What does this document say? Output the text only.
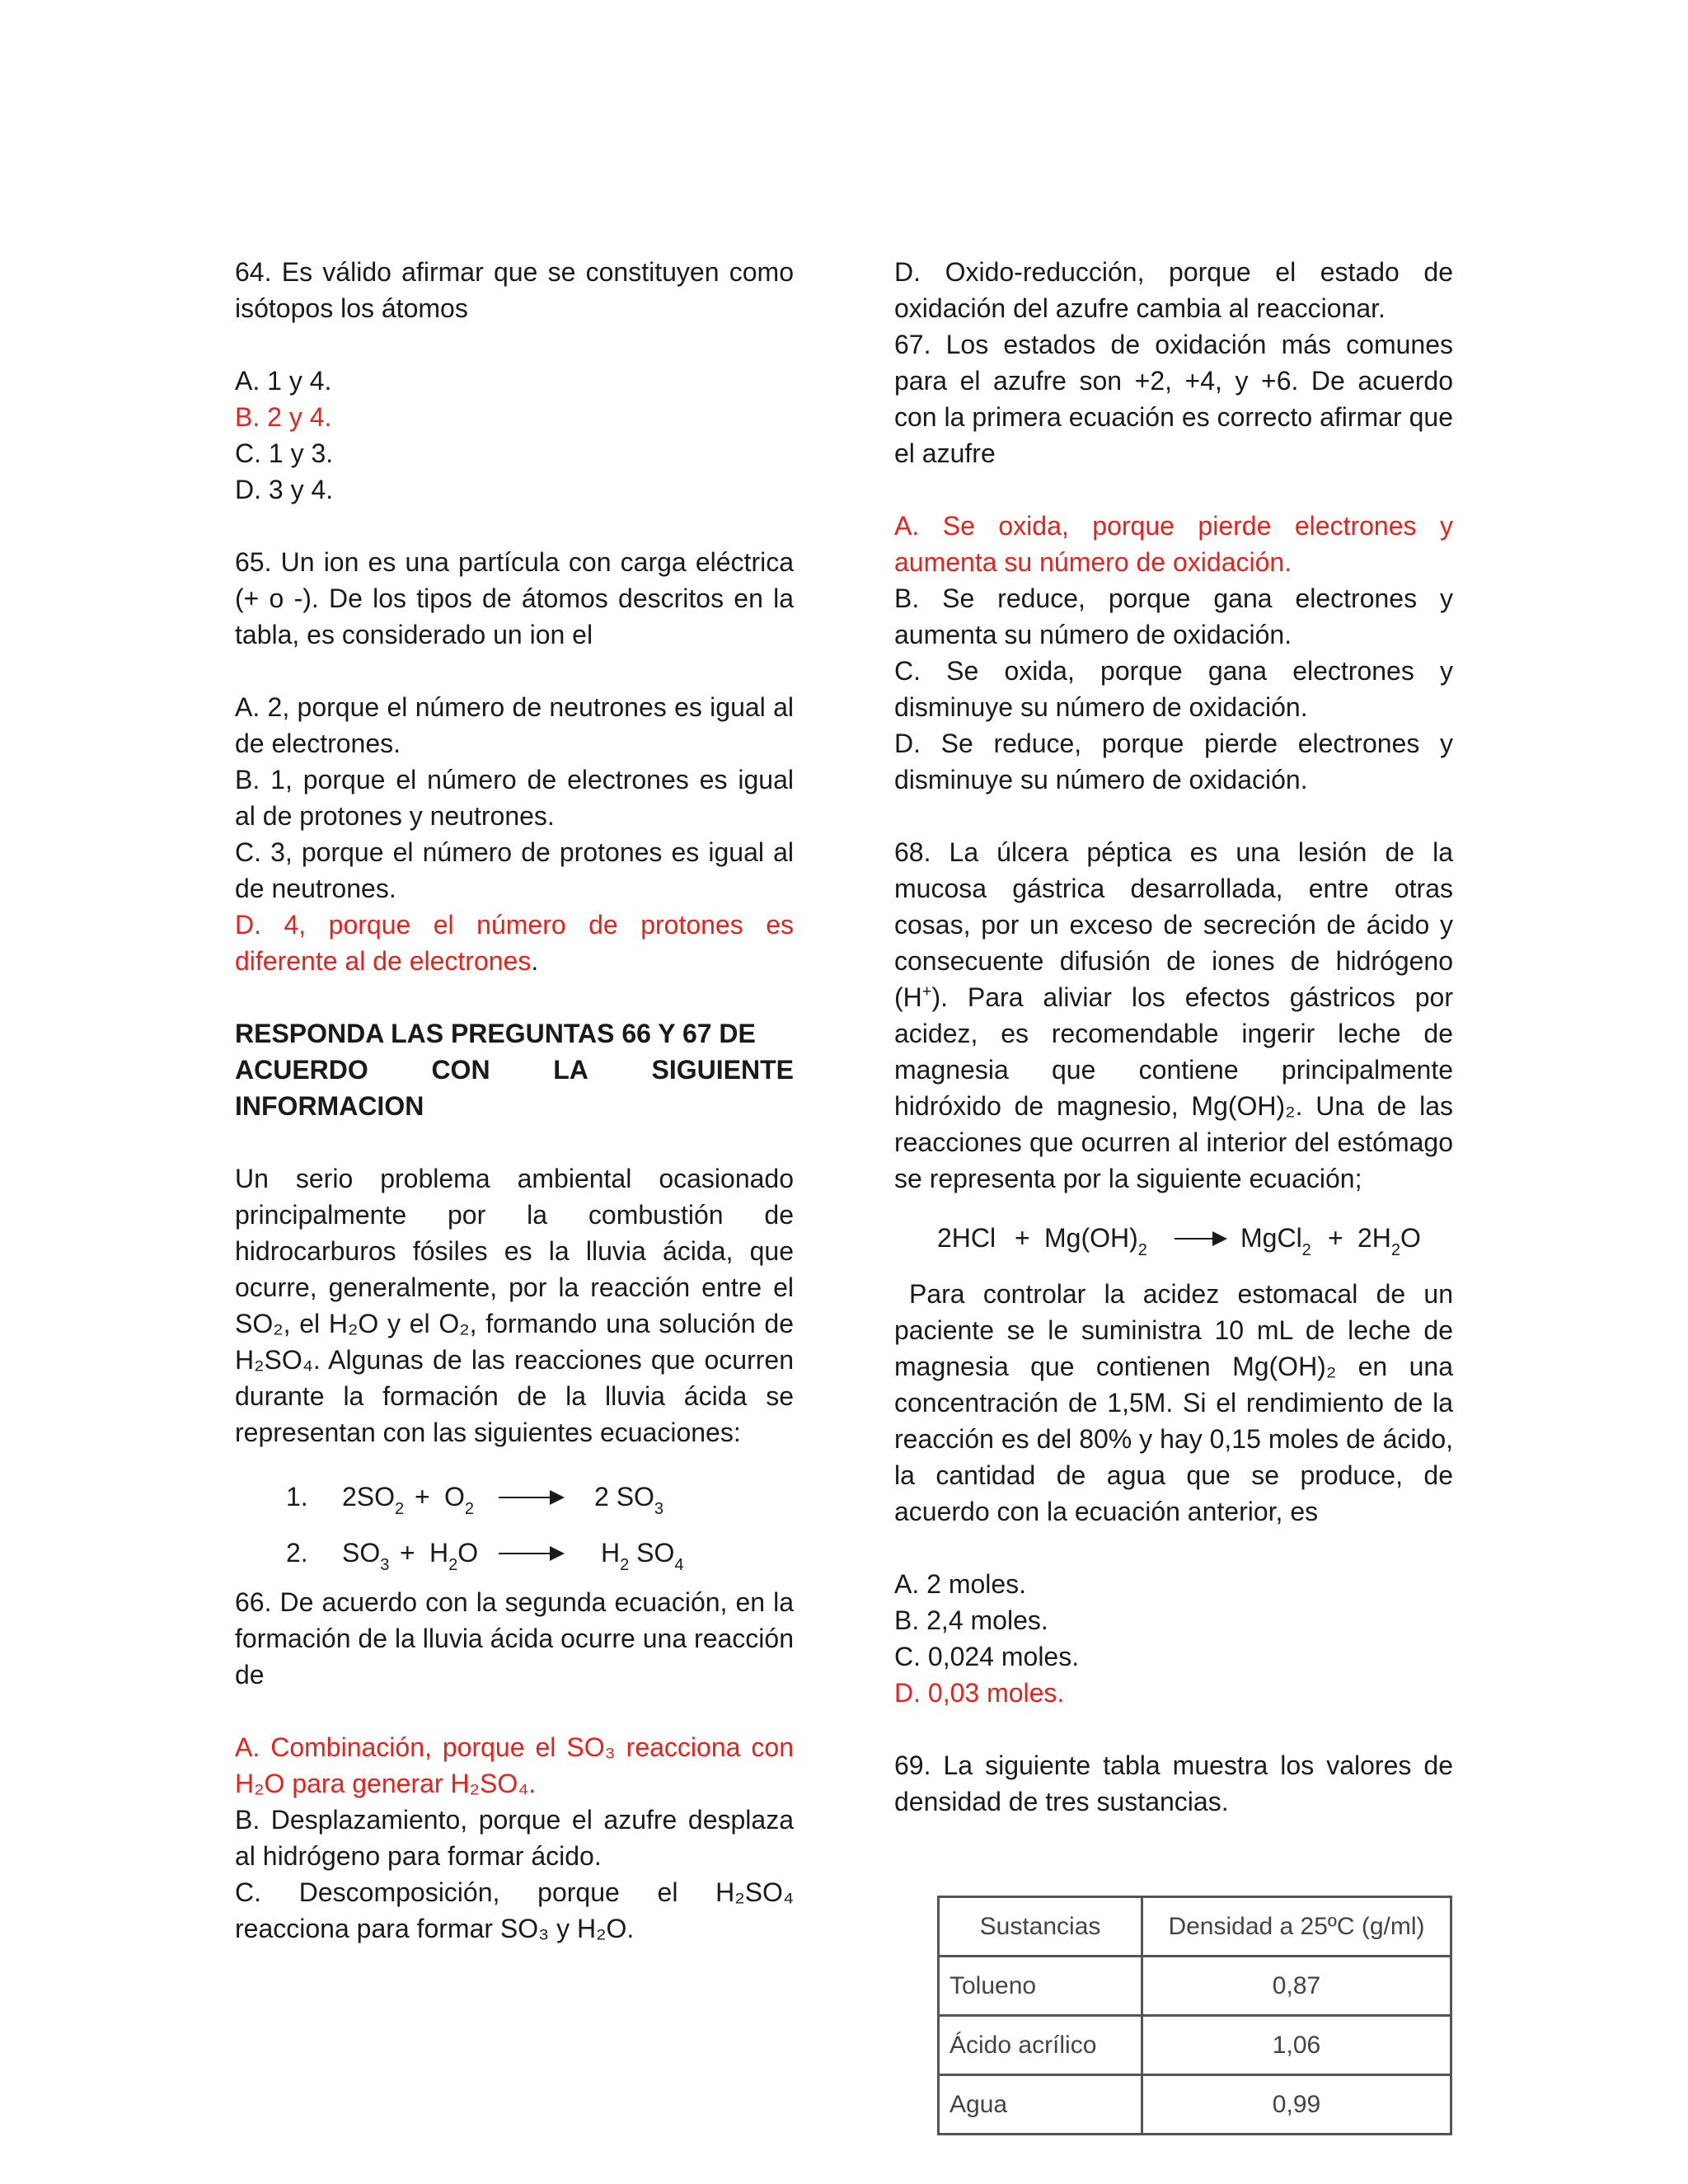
64. Es válido afirmar que se constituyen como isótopos los átomos

A. 1 y 4.

B. 2 y 4.

C. 1 y 3.

D. 3 y 4.

65. Un ion es una partícula con carga eléctrica (+ o -). De los tipos de átomos descritos en la tabla, es considerado un ion el

A. 2, porque el número de neutrones es igual al de electrones.

B. 1, porque el número de electrones es igual al de protones y neutrones.

C. 3, porque el número de protones es igual al de neutrones.

D. 4, porque el número de protones es diferente al de electrones.

RESPONDA LAS PREGUNTAS 66 Y 67 DE

ACUERDO CON LA SIGUIENTE

INFORMACION

Un serio problema ambiental ocasionado principalmente por la combustión de hidrocarburos fósiles es la lluvia ácida, que ocurre, generalmente, por la reacción entre el SO₂, el H₂O y el O₂, formando una solución de H₂SO₄. Algunas de las reacciones que ocurren durante la formación de la lluvia ácida se representan con las siguientes ecuaciones:

1. $2SO_2 + O_2 \to 2$ $SO_3$
2. $SO_3 + H_2O \to H_2$ $SO_4$

66. De acuerdo con la segunda ecuación, en la formación de la lluvia ácida ocurre una reacción de

A. Combinación, porque el SO₃ reacciona con H₂O para generar H₂SO₄.

B. Desplazamiento, porque el azufre desplaza al hidrógeno para formar ácido.

C. Descomposición, porque el H₂SO₄ reacciona para formar SO₃ y H₂O.

D. Oxido-reducción, porque el estado de oxidación del azufre cambia al reaccionar.

67. Los estados de oxidación más comunes para el azufre son +2, +4, y +6. De acuerdo con la primera ecuación es correcto afirmar que el azufre

A. Se oxida, porque pierde electrones y aumenta su número de oxidación.

B. Se reduce, porque gana electrones y aumenta su número de oxidación.

C. Se oxida, porque gana electrones y disminuye su número de oxidación.

D. Se reduce, porque pierde electrones y disminuye su número de oxidación.

68. La úlcera péptica es una lesión de la mucosa gástrica desarrollada, entre otras cosas, por un exceso de secreción de ácido y consecuente difusión de iones de hidrógeno (H+). Para aliviar los efectos gástricos por acidez, es recomendable ingerir leche de magnesia que contiene principalmente hidróxido de magnesio, Mg(OH)₂. Una de las reacciones que ocurren al interior del estómago se representa por la siguiente ecuación;

$2HCl + Mg(OH)_2$ → MgCl$_2$ + $2H_2O$

Para controlar la acidez estomacal de un paciente se le suministra 10 mL de leche de magnesia que contienen Mg(OH)₂ en una concentración de 1,5M. Si el rendimiento de la reacción es del 80% y hay 0,15 moles de ácido, la cantidad de agua que se produce, de acuerdo con la ecuación anterior, es

A. 2 moles.

B. 2,4 moles.

C. 0,024 moles.

D. 0,03 moles.

69. La siguiente tabla muestra los valores de densidad de tres sustancias.

Sustancias	Densidad a 25ºC (g/ml)
Tolueno	0,87
Ácido acrílico	1,06
Agua	0,99
